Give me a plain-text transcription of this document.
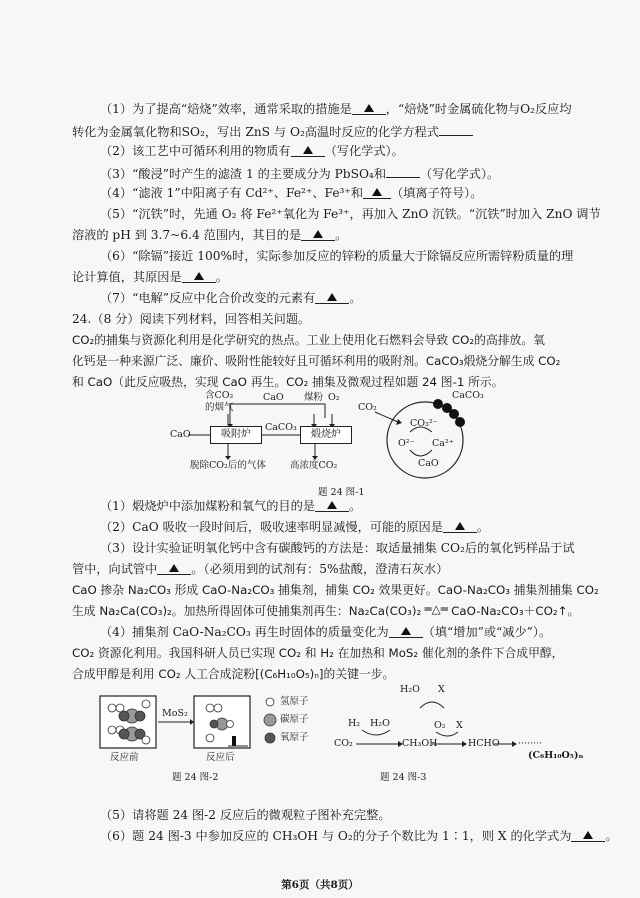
（1）为了提高“焙烧”效率，通常采取的措施是	，“焙烧”时金属硫化物与O₂反应均
转化为金属氧化物和SO₂，写出 ZnS 与 O₂高温时反应的化学方程式
（2）该工艺中可循环利用的物质有	（写化学式）。
（3）“酸浸”时产生的滤渣 1 的主要成分为 PbSO₄和	（写化学式）。
（4）“滤液 1”中阳离子有 Cd²⁺、Fe²⁺、Fe³⁺和 （填离子符号）。
（5）“沉铁”时，先通 O₂ 将 Fe²⁺氧化为 Fe³⁺，再加入 ZnO 沉铁。“沉铁”时加入 ZnO 调节
溶液的 pH 到 3.7~6.4 范围内，其目的是	。
（6）“除镉”接近 100%时，实际参加反应的锌粉的质量大于除镉反应所需锌粉质量的理
论计算值，其原因是	。
（7）“电解”反应中化合价改变的元素有	。
24.（8 分）阅读下列材料，回答相关问题。
CO₂的捕集与资源化利用是化学研究的热点。工业上使用化石燃料会导致 CO₂的高排放。氧
化钙是一种来源广泛、廉价、吸附性能较好且可循环利用的吸附剂。CaCO₃煅烧分解生成 CO₂
和 CaO（此反应吸热，实现 CaO 再生。CO₂ 捕集及微观过程如题 24 图-1 所示。
含CO₂
的烟气
CaO 煤粉 O₂
CaO	吸附炉
CaCO₃
煅烧炉
脱除CO₂后的气体	高浓度CO₂
CO₂
CaCO₃
CO₃²⁻
O²⁻ Ca²⁺
CaO
题 24 图-1
（1）煅烧炉中添加煤粉和氧气的目的是	。
（2）CaO 吸收一段时间后，吸收速率明显减慢，可能的原因是	。
（3）设计实验证明氧化钙中含有碳酸钙的方法是：取适量捕集 CO₂后的氧化钙样品于试
管中，向试管中	。（必须用到的试剂有：5%盐酸，澄清石灰水）
CaO 掺杂 Na₂CO₃ 形成 CaO-Na₂CO₃ 捕集剂，捕集 CO₂ 效果更好。CaO-Na₂CO₃ 捕集剂捕集 CO₂
生成 Na₂Ca(CO₃)₂。加热所得固体可使捕集剂再生：Na₂Ca(CO₃)₂ ═△═ CaO-Na₂CO₃＋CO₂↑。
（4）捕集剂 CaO-Na₂CO₃ 再生时固体的质量变化为	（填“增加”或“减少”）。
CO₂ 资源化利用。我国科研人员已实现 CO₂ 和 H₂ 在加热和 MoS₂ 催化剂的条件下合成甲醇，
合成甲醇是利用 CO₂ 人工合成淀粉[(C₆H₁₀O₅)ₙ]的关键一步。
MoS₂
反应前	反应后
氢原子
碳原子
氧原子
题 24 图-2
H₂O X
H₂ H₂O	O₂ X
CO₂	CH₃OH	HCHO ········
(C₆H₁₀O₅)ₙ
题 24 图-3
（5）请将题 24 图-2 反应后的微观粒子图补充完整。
（6）题 24 图-3 中参加反应的 CH₃OH 与 O₂的分子个数比为 1∶1，则 X 的化学式为	。
第6页（共8页）
